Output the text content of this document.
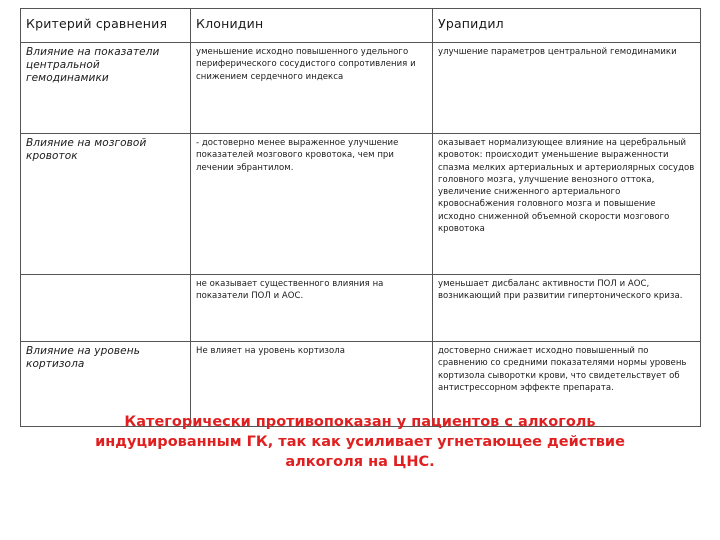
Критерий сравнения	Клонидин	Урапидил
Влияние на показатели центральной гемодинамики	уменьшение исходно повышенного удельного периферического сосудистого сопротивления и снижением сердечного индекса	улучшение параметров центральной гемодинамики
Влияние на мозговой кровоток	- достоверно менее выраженное улучшение показателей мозгового кровотока, чем при лечении эбрантилом.	оказывает нормализующее влияние на церебральный кровоток: происходит уменьшение выраженности спазма мелких артериальных и артериолярных сосудов головного мозга, улучшение венозного оттока, увеличение сниженного артериального кровоснабжения головного мозга и повышение исходно сниженной объемной скорости мозгового кровотока
	не оказывает существенного влияния на показатели ПОЛ и АОС.	уменьшает дисбаланс активности ПОЛ и АОС, возникающий при развитии гипертонического криза.
Влияние на уровень кортизола	Не влияет на уровень кортизола	достоверно снижает исходно повышенный по сравнению со средними показателями нормы уровень кортизола сыворотки крови, что свидетельствует об антистрессорном эффекте препарата.
Категорически противопоказан у пациентов с алкоголь индуцированным ГК, так как усиливает угнетающее действие алкоголя на ЦНС.
